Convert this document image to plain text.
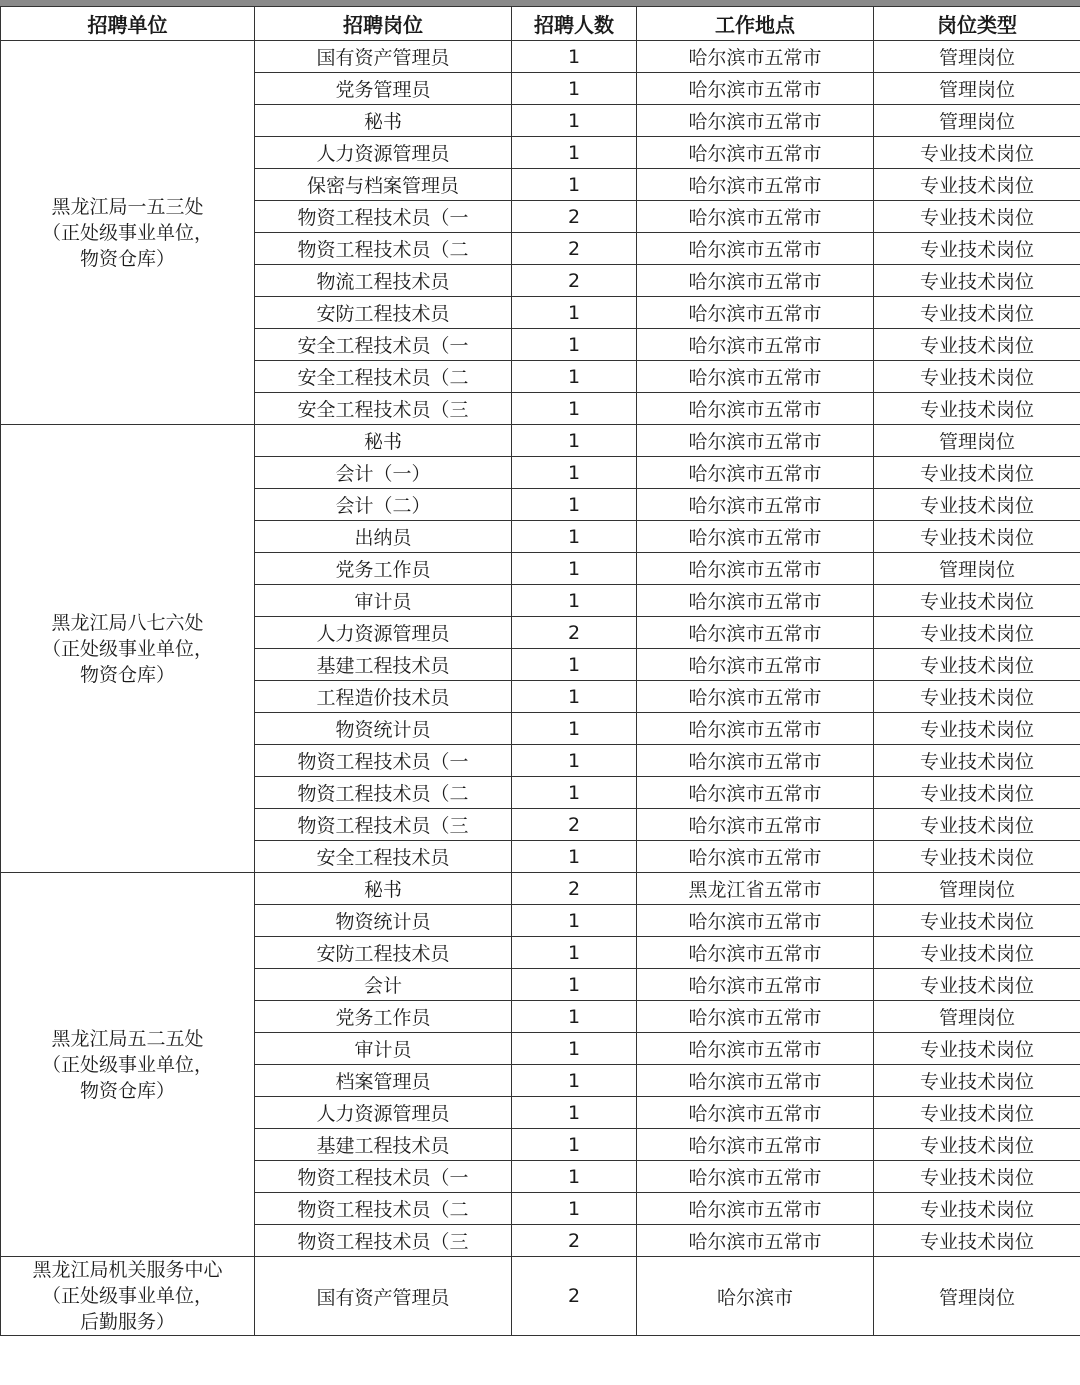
招聘单位	招聘岗位	招聘人数	工作地点	岗位类型

黑龙江局一五三处
（正处级事业单位，
物资仓库）	国有资产管理员	1	哈尔滨市五常市	管理岗位
	党务管理员	1	哈尔滨市五常市	管理岗位
	秘书	1	哈尔滨市五常市	管理岗位
	人力资源管理员	1	哈尔滨市五常市	专业技术岗位
	保密与档案管理员	1	哈尔滨市五常市	专业技术岗位
	物资工程技术员（一	2	哈尔滨市五常市	专业技术岗位
	物资工程技术员（二	2	哈尔滨市五常市	专业技术岗位
	物流工程技术员	2	哈尔滨市五常市	专业技术岗位
	安防工程技术员	1	哈尔滨市五常市	专业技术岗位
	安全工程技术员（一	1	哈尔滨市五常市	专业技术岗位
	安全工程技术员（二	1	哈尔滨市五常市	专业技术岗位
	安全工程技术员（三	1	哈尔滨市五常市	专业技术岗位

黑龙江局八七六处
（正处级事业单位，
物资仓库）	秘书	1	哈尔滨市五常市	管理岗位
	会计（一）	1	哈尔滨市五常市	专业技术岗位
	会计（二）	1	哈尔滨市五常市	专业技术岗位
	出纳员	1	哈尔滨市五常市	专业技术岗位
	党务工作员	1	哈尔滨市五常市	管理岗位
	审计员	1	哈尔滨市五常市	专业技术岗位
	人力资源管理员	2	哈尔滨市五常市	专业技术岗位
	基建工程技术员	1	哈尔滨市五常市	专业技术岗位
	工程造价技术员	1	哈尔滨市五常市	专业技术岗位
	物资统计员	1	哈尔滨市五常市	专业技术岗位
	物资工程技术员（一	1	哈尔滨市五常市	专业技术岗位
	物资工程技术员（二	1	哈尔滨市五常市	专业技术岗位
	物资工程技术员（三	2	哈尔滨市五常市	专业技术岗位
	安全工程技术员	1	哈尔滨市五常市	专业技术岗位

黑龙江局五二五处
（正处级事业单位，
物资仓库）	秘书	2	黑龙江省五常市	管理岗位
	物资统计员	1	哈尔滨市五常市	专业技术岗位
	安防工程技术员	1	哈尔滨市五常市	专业技术岗位
	会计	1	哈尔滨市五常市	专业技术岗位
	党务工作员	1	哈尔滨市五常市	管理岗位
	审计员	1	哈尔滨市五常市	专业技术岗位
	档案管理员	1	哈尔滨市五常市	专业技术岗位
	人力资源管理员	1	哈尔滨市五常市	专业技术岗位
	基建工程技术员	1	哈尔滨市五常市	专业技术岗位
	物资工程技术员（一	1	哈尔滨市五常市	专业技术岗位
	物资工程技术员（二	1	哈尔滨市五常市	专业技术岗位
	物资工程技术员（三	2	哈尔滨市五常市	专业技术岗位

黑龙江局机关服务中心
（正处级事业单位，
后勤服务）	国有资产管理员	2	哈尔滨市	管理岗位
